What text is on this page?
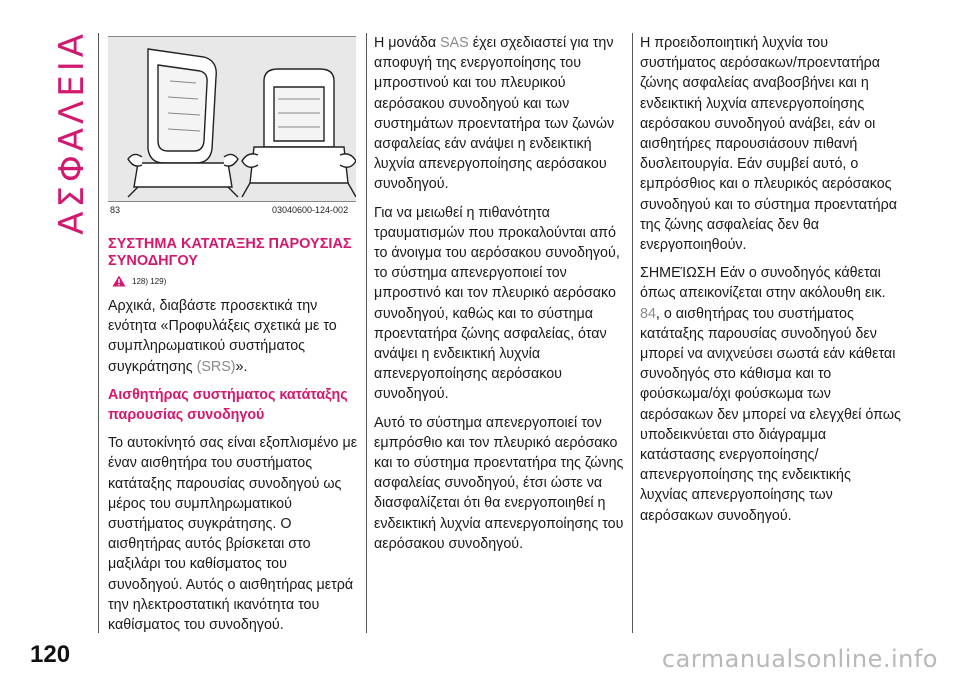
ΑΣΦΑΛΕΙΑ 83	03040600-124-002
ΣΥΣΤΗΜΑ ΚΑΤΑΤΑΞΗΣ ΠΑΡΟΥΣΙΑΣ ΣΥΝΟΔΗΓΟΥ
128) 129)

Αρχικά, διαβάστε προσεκτικά την ενότητα «Προφυλάξεις σχετικά με το συμπληρωματικού συστήματος συγκράτησης (SRS)».

Αισθητήρας συστήματος κατάταξης παρουσίας συνοδηγού

Το αυτοκίνητό σας είναι εξοπλισμένο με έναν αισθητήρα του συστήματος κατάταξης παρουσίας συνοδηγού ως μέρος του συμπληρωματικού συστήματος συγκράτησης. Ο αισθητήρας αυτός βρίσκεται στο μαξιλάρι του καθίσματος του συνοδηγού. Αυτός ο αισθητήρας μετρά την ηλεκτροστατική ικανότητα του καθίσματος του συνοδηγού.

Η μονάδα SAS έχει σχεδιαστεί για την αποφυγή της ενεργοποίησης του μπροστινού και του πλευρικού αερόσακου συνοδηγού και των συστημάτων προεντατήρα των ζωνών ασφαλείας εάν ανάψει η ενδεικτική λυχνία απενεργοποίησης αερόσακου συνοδηγού.

Για να μειωθεί η πιθανότητα τραυματισμών που προκαλούνται από το άνοιγμα του αερόσακου συνοδηγού, το σύστημα απενεργοποιεί τον μπροστινό και τον πλευρικό αερόσακο συνοδηγού, καθώς και το σύστημα προεντατήρα ζώνης ασφαλείας, όταν ανάψει η ενδεικτική λυχνία απενεργοποίησης αερόσακου συνοδηγού.

Αυτό το σύστημα απενεργοποιεί τον εμπρόσθιο και τον πλευρικό αερόσακο και το σύστημα προεντατήρα της ζώνης ασφαλείας συνοδηγού, έτσι ώστε να διασφαλίζεται ότι θα ενεργοποιηθεί η ενδεικτική λυχνία απενεργοποίησης του αερόσακου συνοδηγού.

Η προειδοποιητική λυχνία του συστήματος αερόσακων/προεντατήρα ζώνης ασφαλείας αναβοσβήνει και η ενδεικτική λυχνία απενεργοποίησης αερόσακου συνοδηγού ανάβει, εάν οι αισθητήρες παρουσιάσουν πιθανή δυσλειτουργία. Εάν συμβεί αυτό, ο εμπρόσθιος και ο πλευρικός αερόσακος συνοδηγού και το σύστημα προεντατήρα της ζώνης ασφαλείας δεν θα ενεργοποιηθούν.

ΣΗΜΕΊΩΣΗ Εάν ο συνοδηγός κάθεται όπως απεικονίζεται στην ακόλουθη εικ. 84, ο αισθητήρας του συστήματος κατάταξης παρουσίας συνοδηγού δεν μπορεί να ανιχνεύσει σωστά εάν κάθεται συνοδηγός στο κάθισμα και το φούσκωμα/όχι φούσκωμα των αερόσακων δεν μπορεί να ελεγχθεί όπως υποδεικνύεται στο διάγραμμα κατάστασης ενεργοποίησης/απενεργοποίησης της ενδεικτικής λυχνίας απενεργοποίησης των αερόσακων συνοδηγού.

120	carmanualsonline.info
